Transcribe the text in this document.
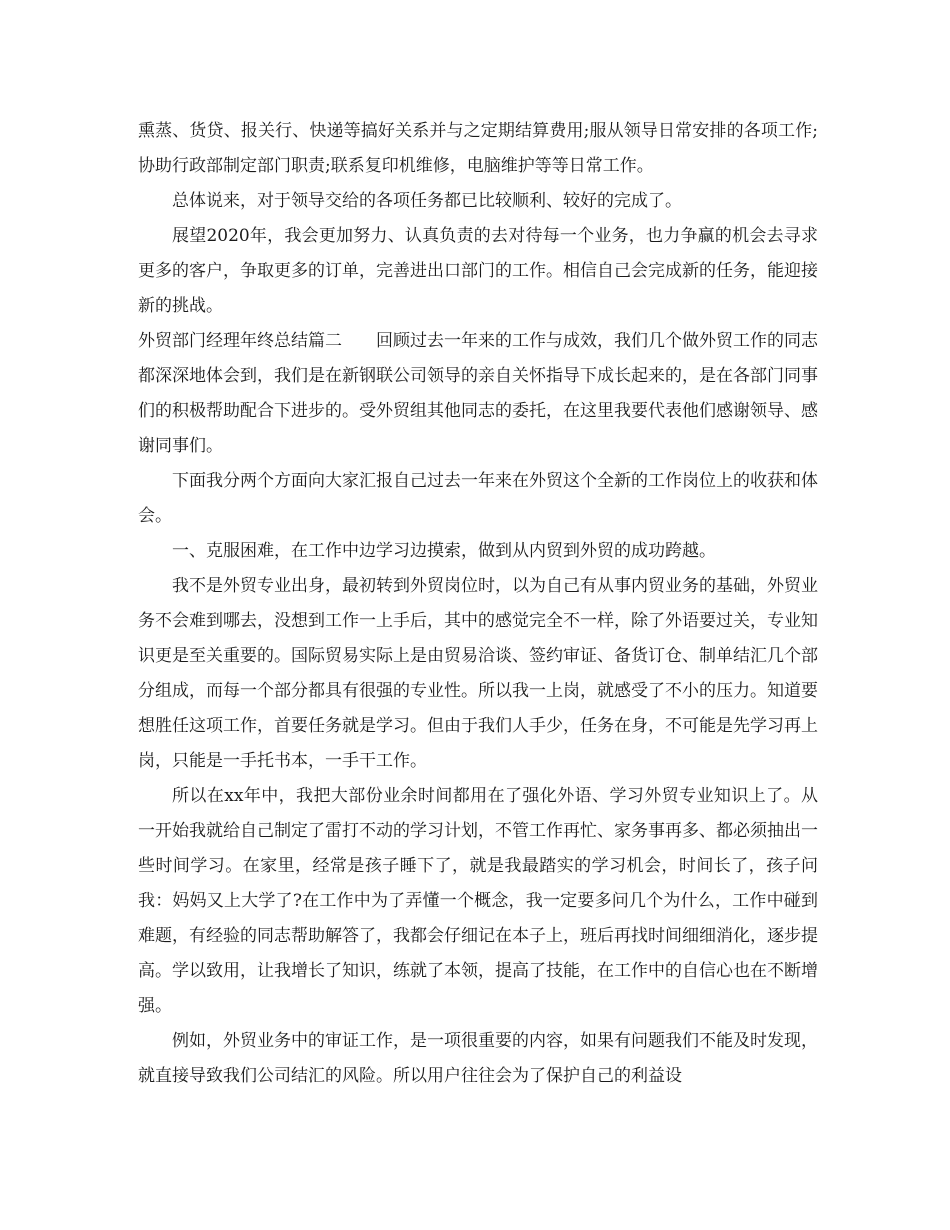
熏蒸、货贷、报关行、快递等搞好关系并与之定期结算费用;服从领导日常安排的各项工作;协助行政部制定部门职责;联系复印机维修，电脑维护等等日常工作。

总体说来，对于领导交给的各项任务都已比较顺利、较好的完成了。

展望2020年，我会更加努力、认真负责的去对待每一个业务，也力争赢的机会去寻求更多的客户，争取更多的订单，完善进出口部门的工作。相信自己会完成新的任务，能迎接新的挑战。

外贸部门经理年终总结篇二　　回顾过去一年来的工作与成效，我们几个做外贸工作的同志都深深地体会到，我们是在新钢联公司领导的亲自关怀指导下成长起来的，是在各部门同事们的积极帮助配合下进步的。受外贸组其他同志的委托，在这里我要代表他们感谢领导、感谢同事们。

下面我分两个方面向大家汇报自己过去一年来在外贸这个全新的工作岗位上的收获和体会。

一、克服困难，在工作中边学习边摸索，做到从内贸到外贸的成功跨越。

我不是外贸专业出身，最初转到外贸岗位时，以为自己有从事内贸业务的基础，外贸业务不会难到哪去，没想到工作一上手后，其中的感觉完全不一样，除了外语要过关，专业知识更是至关重要的。国际贸易实际上是由贸易洽谈、签约审证、备货订仓、制单结汇几个部分组成，而每一个部分都具有很强的专业性。所以我一上岗，就感受了不小的压力。知道要想胜任这项工作，首要任务就是学习。但由于我们人手少，任务在身，不可能是先学习再上岗，只能是一手托书本，一手干工作。

所以在xx年中，我把大部份业余时间都用在了强化外语、学习外贸专业知识上了。从一开始我就给自己制定了雷打不动的学习计划，不管工作再忙、家务事再多、都必须抽出一些时间学习。在家里，经常是孩子睡下了，就是我最踏实的学习机会，时间长了，孩子问我：妈妈又上大学了?在工作中为了弄懂一个概念，我一定要多问几个为什么，工作中碰到难题，有经验的同志帮助解答了，我都会仔细记在本子上，班后再找时间细细消化，逐步提高。学以致用，让我增长了知识，练就了本领，提高了技能，在工作中的自信心也在不断增强。

例如，外贸业务中的审证工作，是一项很重要的内容，如果有问题我们不能及时发现，就直接导致我们公司结汇的风险。所以用户往往会为了保护自己的利益设
